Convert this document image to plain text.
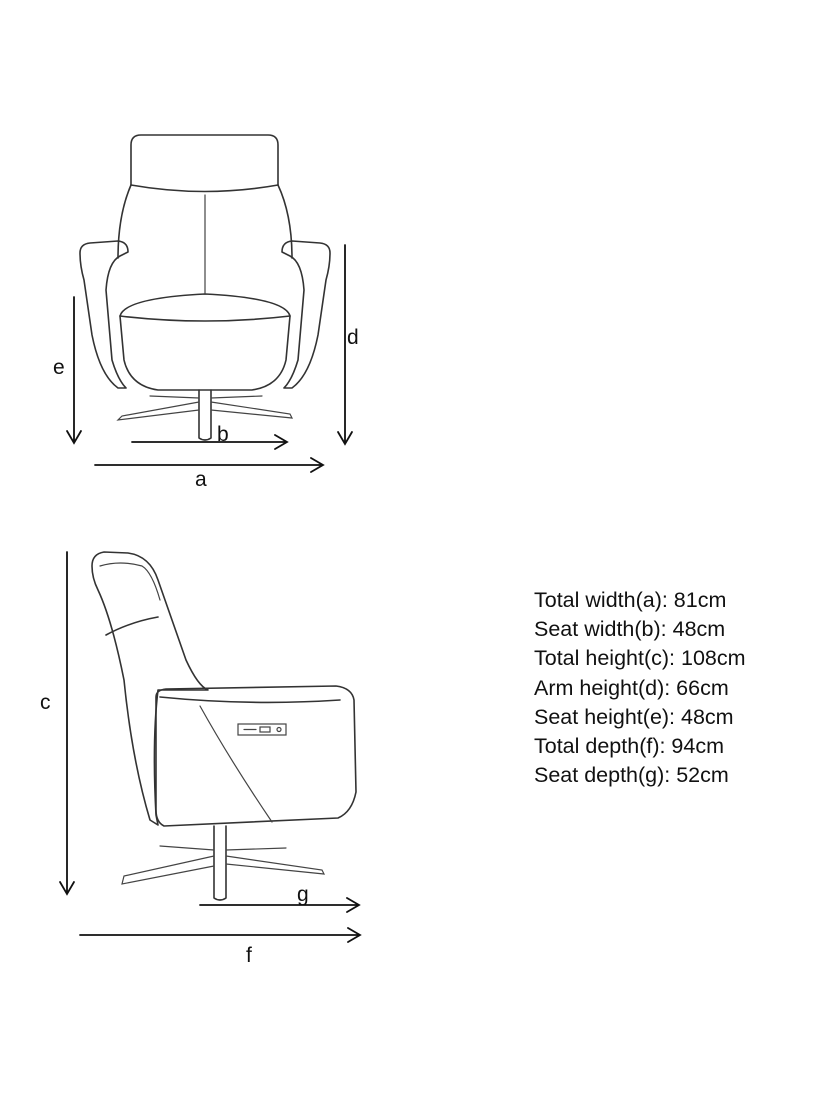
e
d
b
a
c
g
f
Total width(a): 81cm
Seat width(b): 48cm
Total height(c): 108cm
Arm height(d): 66cm
Seat height(e): 48cm
Total depth(f): 94cm
Seat depth(g): 52cm
